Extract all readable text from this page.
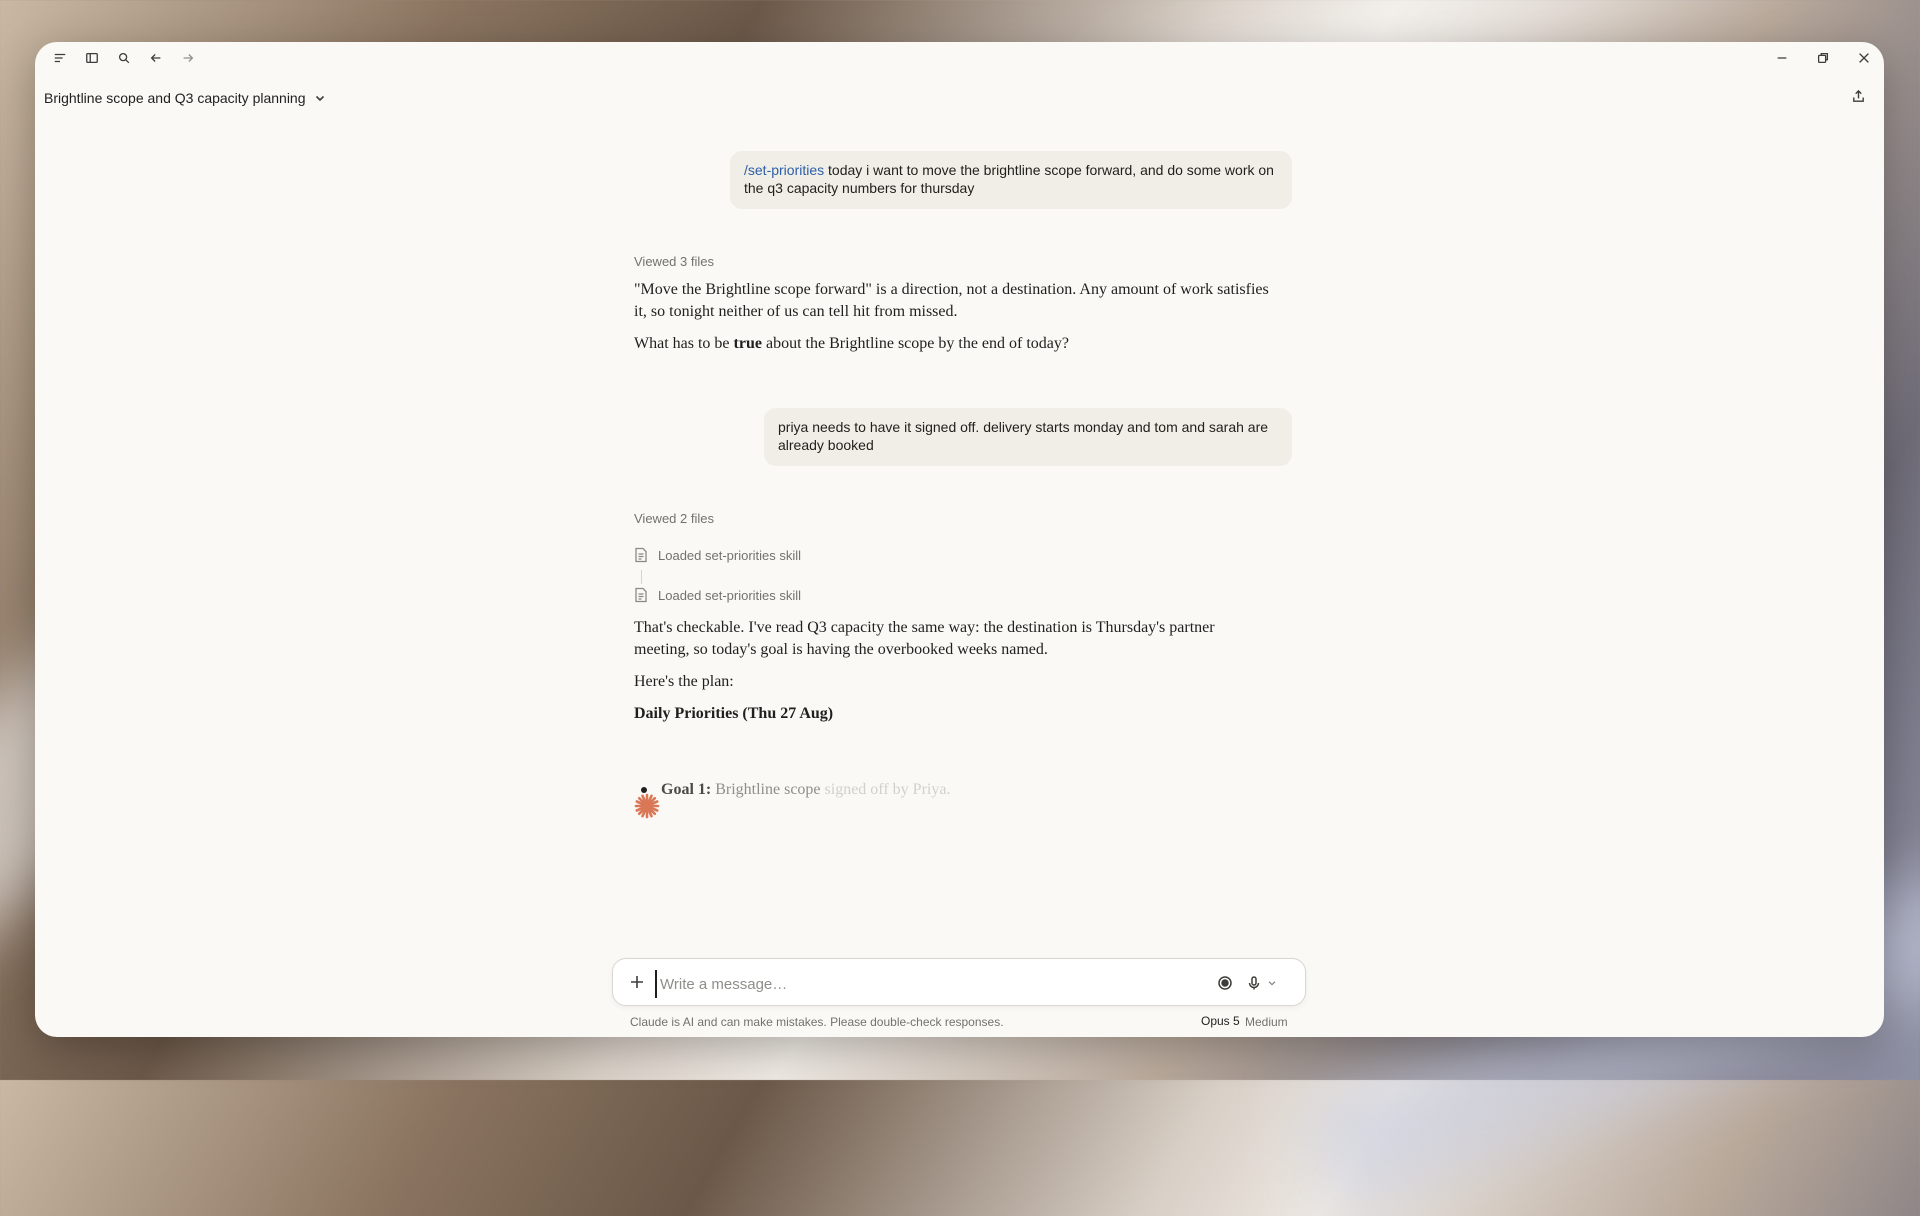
Brightline scope and Q3 capacity planning
/set-priorities today i want to move the brightline scope forward, and do some work on the q3 capacity numbers for thursday
Viewed 3 files

"Move the Brightline scope forward" is a direction, not a destination. Any amount of work satisfies it, so tonight neither of us can tell hit from missed.

What has to be true about the Brightline scope by the end of today?

priya needs to have it signed off. delivery starts monday and tom and sarah are already booked
Viewed 2 files
Loaded set-priorities skill
Loaded set-priorities skill

That's checkable. I've read Q3 capacity the same way: the destination is Thursday's partner meeting, so today's goal is having the overbooked weeks named.

Here's the plan:

Daily Priorities (Thu 27 Aug)

Goal 1: Brightline scope signed off by Priya.
Write a message…
Claude is AI and can make mistakes. Please double-check responses.	Opus 5 Medium
